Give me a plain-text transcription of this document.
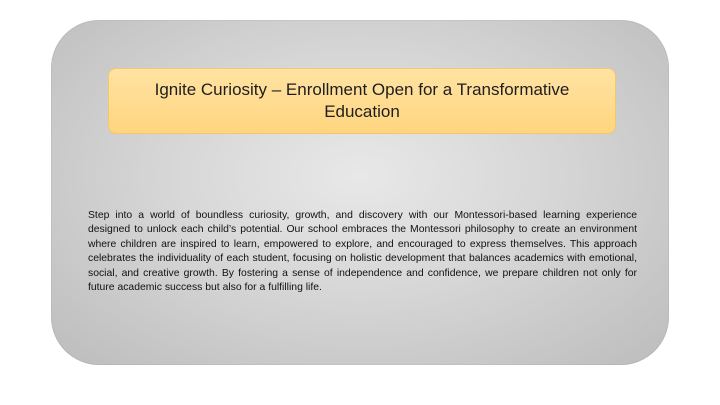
Ignite Curiosity – Enrollment Open for a Transformative Education
Step into a world of boundless curiosity, growth, and discovery with our Montessori-based learning experience designed to unlock each child’s potential. Our school embraces the Montessori philosophy to create an environment where children are inspired to learn, empowered to explore, and encouraged to express themselves. This approach celebrates the individuality of each student, focusing on holistic development that balances academics with emotional, social, and creative growth. By fostering a sense of independence and confidence, we prepare children not only for future academic success but also for a fulfilling life.
